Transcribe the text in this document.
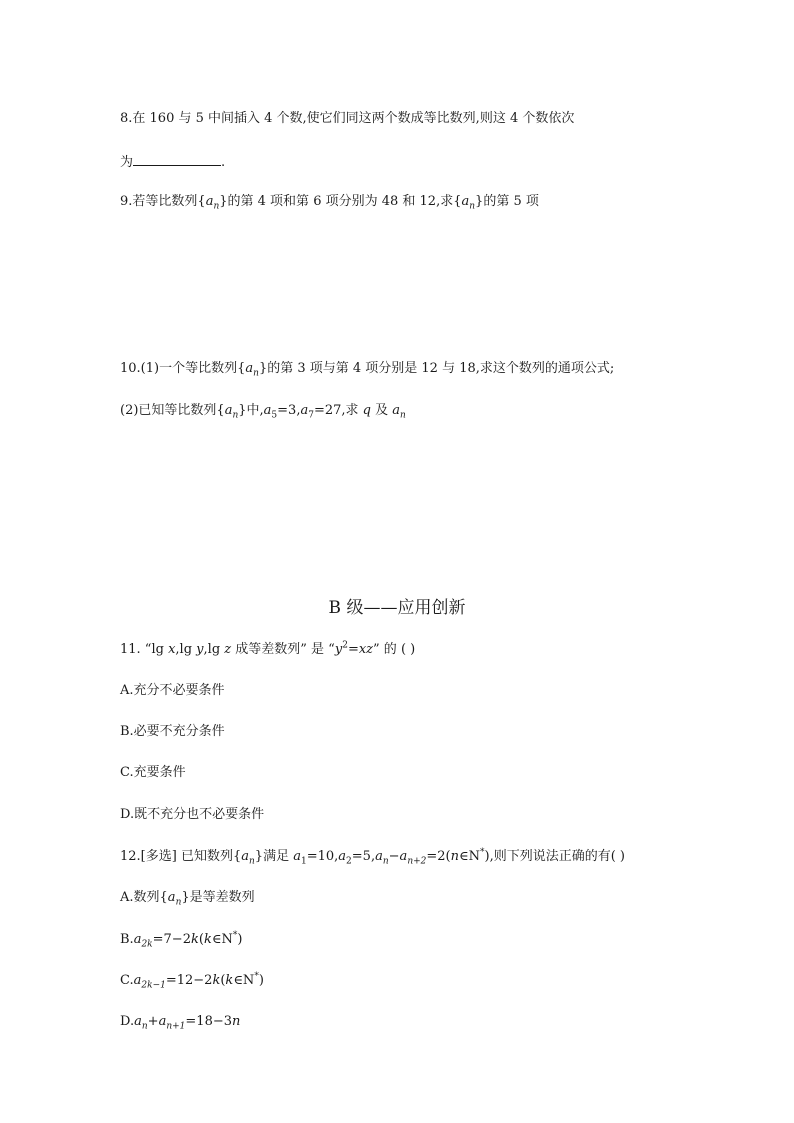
8.在 160 与 5 中间插入 4 个数,使它们同这两个数成等比数列,则这 4 个数依次
为	.
9.若等比数列$\{a_n\}$的第 4 项和第 6 项分别为 48 和 12,求$\{a_n\}$的第 5 项
10.(1)一个等比数列$\{a_n\}$的第 3 项与第 4 项分别是 12 与 18,求这个数列的通项公式;
(2)已知等比数列$\{a_n\}$中$,a_5=3,a_7=27$,求 q 及 $a_n$
B 级——应用创新
11. “lg x,lg y,lg z 成等差数列” 是 “$y^2=xz$” 的 ( )
A.充分不必要条件
B.必要不充分条件
C.充要条件
D.既不充分也不必要条件
12.[多选] 已知数列$\{a_n\}$满足 $a_1=10,a_2=5,a_n-a_{n+2}=2(n\in N^*)$,则下列说法正确的有( )
A.数列$\{a_n\}$是等差数列
$B.a_{2k}=7-2k(k\in N^*)$
$C.a_{2k-1}=12-2k(k\in N^*)$
$D.a_n+a_{n+1}=18-3n$
